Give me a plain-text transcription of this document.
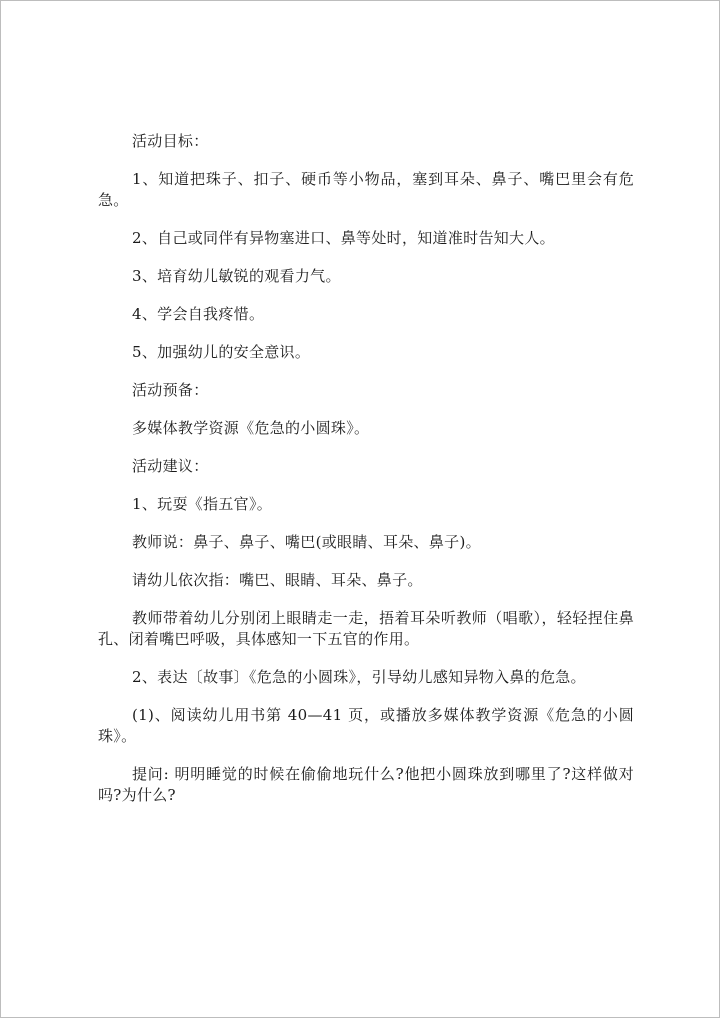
活动目标：

1、知道把珠子、扣子、硬币等小物品，塞到耳朵、鼻子、嘴巴里会有危急。

2、自己或同伴有异物塞进口、鼻等处时，知道准时告知大人。

3、培育幼儿敏锐的观看力气。

4、学会自我疼惜。

5、加强幼儿的安全意识。

活动预备：

多媒体教学资源《危急的小圆珠》。

活动建议：

1、玩耍《指五官》。

教师说：鼻子、鼻子、嘴巴(或眼睛、耳朵、鼻子)。

请幼儿依次指：嘴巴、眼睛、耳朵、鼻子。

教师带着幼儿分别闭上眼睛走一走，捂着耳朵听教师（唱歌），轻轻捏住鼻孔、闭着嘴巴呼吸，具体感知一下五官的作用。

2、表达〔故事〕《危急的小圆珠》，引导幼儿感知异物入鼻的危急。

(1)、阅读幼儿用书第 40—41 页，或播放多媒体教学资源《危急的小圆珠》。

提问: 明明睡觉的时候在偷偷地玩什么?他把小圆珠放到哪里了?这样做对吗?为什么?
